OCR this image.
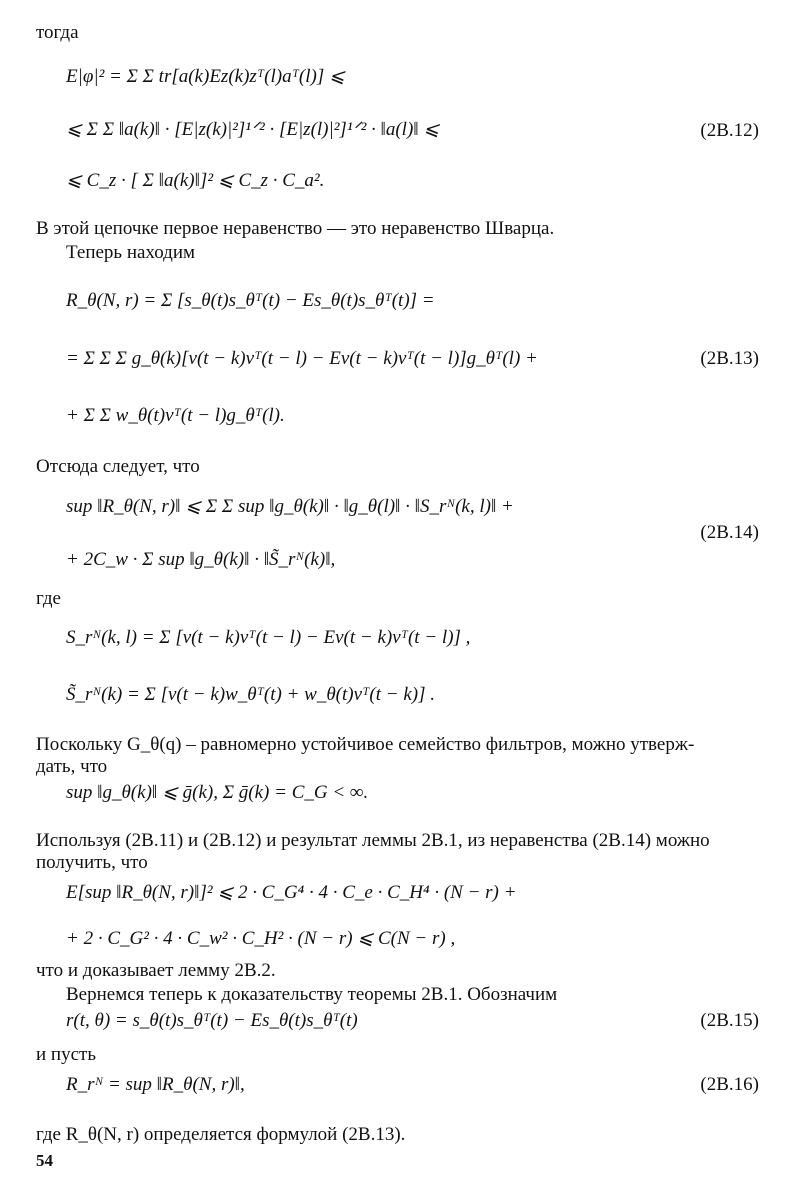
тогда
E|φ|² = Σ Σ tr[a(k)Ez(k)zᵀ(l)aᵀ(l)] ⩽
⩽ Σ Σ ‖a(k)‖ · [E|z(k)|²]¹ᐟ² · [E|z(l)|²]¹ᐟ² · ‖a(l)‖ ⩽	(2В.12)
⩽ C_z · [ Σ ‖a(k)‖]² ⩽ C_z · C_a².
В этой цепочке первое неравенство — это неравенство Шварца.
Теперь находим
R_θ(N, r) = Σ [s_θ(t)s_θᵀ(t) − Es_θ(t)s_θᵀ(t)] =
= Σ Σ Σ g_θ(k)[v(t − k)vᵀ(t − l) − Ev(t − k)vᵀ(t − l)]g_θᵀ(l) +	(2В.13)
+ Σ Σ w_θ(t)vᵀ(t − l)g_θᵀ(l).
Отсюда следует, что
sup ‖R_θ(N, r)‖ ⩽ Σ Σ sup ‖g_θ(k)‖ · ‖g_θ(l)‖ · ‖S_rᴺ(k, l)‖ +
(2В.14)
+ 2C_w · Σ sup ‖g_θ(k)‖ · ‖S̃_rᴺ(k)‖,
где
S_rᴺ(k, l) = Σ [v(t − k)vᵀ(t − l) − Ev(t − k)vᵀ(t − l)] ,
S̃_rᴺ(k) = Σ [v(t − k)w_θᵀ(t) + w_θ(t)vᵀ(t − k)] .
Поскольку G_θ(q) – равномерно устойчивое семейство фильтров, можно утверж-
дать, что
sup ‖g_θ(k)‖ ⩽ ḡ(k), Σ ḡ(k) = C_G < ∞.
Используя (2В.11) и (2В.12) и результат леммы 2В.1, из неравенства (2В.14) можно
получить, что
E[sup ‖R_θ(N, r)‖]² ⩽ 2 · C_G⁴ · 4 · C_e · C_H⁴ · (N − r) +
+ 2 · C_G² · 4 · C_w² · C_H² · (N − r) ⩽ C(N − r) ,
что и доказывает лемму 2В.2.
Вернемся теперь к доказательству теоремы 2В.1. Обозначим
r(t, θ) = s_θ(t)s_θᵀ(t) − Es_θ(t)s_θᵀ(t)	(2В.15)
и пусть
R_rᴺ = sup ‖R_θ(N, r)‖,	(2В.16)
где R_θ(N, r) определяется формулой (2В.13).
54
